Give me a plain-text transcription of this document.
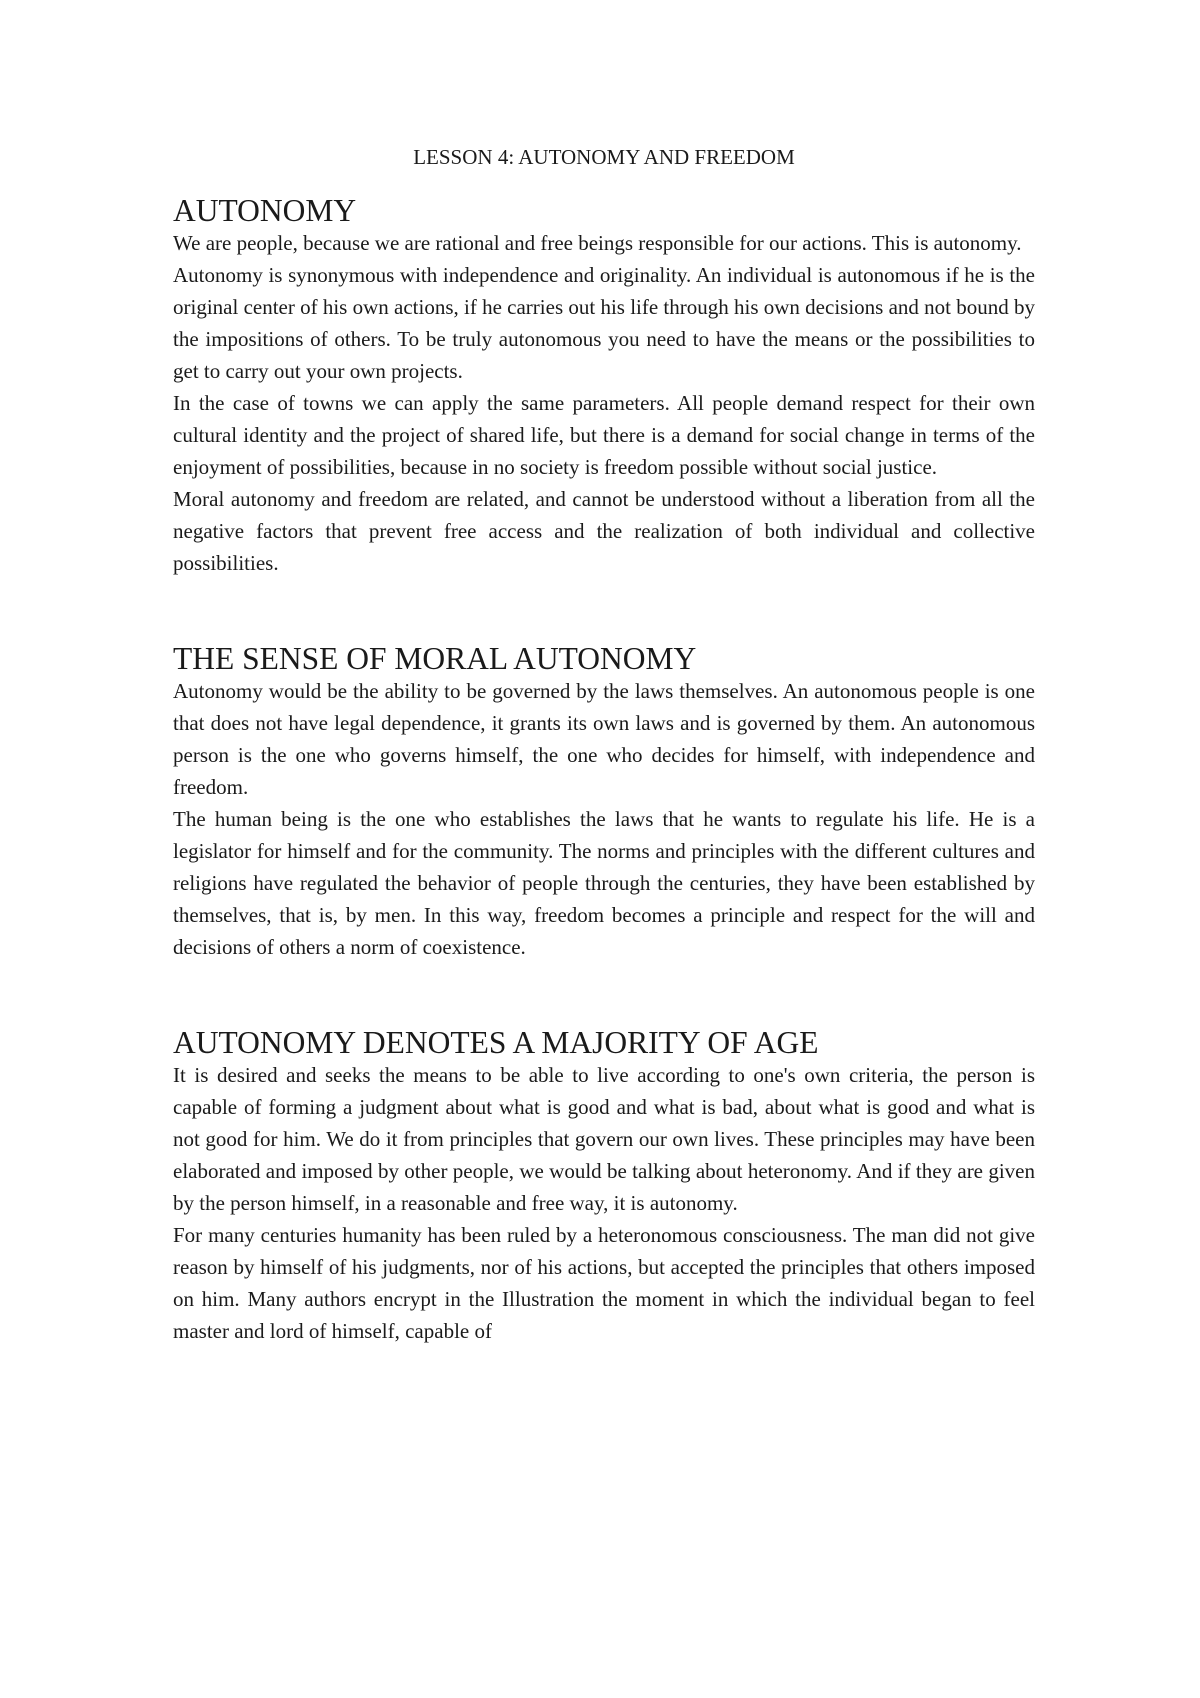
LESSON 4: AUTONOMY AND FREEDOM
AUTONOMY

We are people, because we are rational and free beings responsible for our actions. This is autonomy.

Autonomy is synonymous with independence and originality. An individual is autonomous if he is the original center of his own actions, if he carries out his life through his own decisions and not bound by the impositions of others. To be truly autonomous you need to have the means or the possibilities to get to carry out your own projects.

In the case of towns we can apply the same parameters. All people demand respect for their own cultural identity and the project of shared life, but there is a demand for social change in terms of the enjoyment of possibilities, because in no society is freedom possible without social justice.

Moral autonomy and freedom are related, and cannot be understood without a liberation from all the negative factors that prevent free access and the realization of both individual and collective possibilities.

THE SENSE OF MORAL AUTONOMY

Autonomy would be the ability to be governed by the laws themselves. An autonomous people is one that does not have legal dependence, it grants its own laws and is governed by them. An autonomous person is the one who governs himself, the one who decides for himself, with independence and freedom.

The human being is the one who establishes the laws that he wants to regulate his life. He is a legislator for himself and for the community. The norms and principles with the different cultures and religions have regulated the behavior of people through the centuries, they have been established by themselves, that is, by men. In this way, freedom becomes a principle and respect for the will and decisions of others a norm of coexistence.

AUTONOMY DENOTES A MAJORITY OF AGE

It is desired and seeks the means to be able to live according to one's own criteria, the person is capable of forming a judgment about what is good and what is bad, about what is good and what is not good for him. We do it from principles that govern our own lives. These principles may have been elaborated and imposed by other people, we would be talking about heteronomy. And if they are given by the person himself, in a reasonable and free way, it is autonomy.

For many centuries humanity has been ruled by a heteronomous consciousness. The man did not give reason by himself of his judgments, nor of his actions, but accepted the principles that others imposed on him. Many authors encrypt in the Illustration the moment in which the individual began to feel master and lord of himself, capable of
